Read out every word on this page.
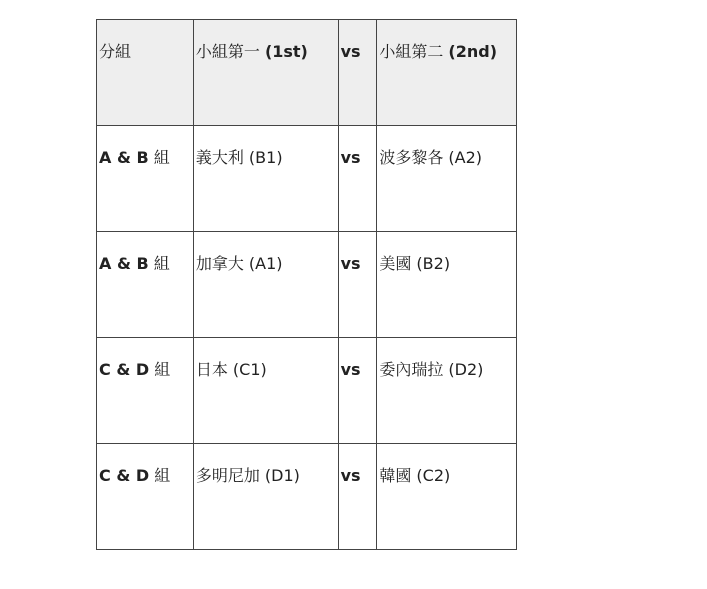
分組	小組第一 (1st)	vs	小組第二 (2nd)
A & B 組	義大利 (B1)	vs	波多黎各 (A2)
A & B 組	加拿大 (A1)	vs	美國 (B2)
C & D 組	日本 (C1)	vs	委內瑞拉 (D2)
C & D 組	多明尼加 (D1)	vs	韓國 (C2)
